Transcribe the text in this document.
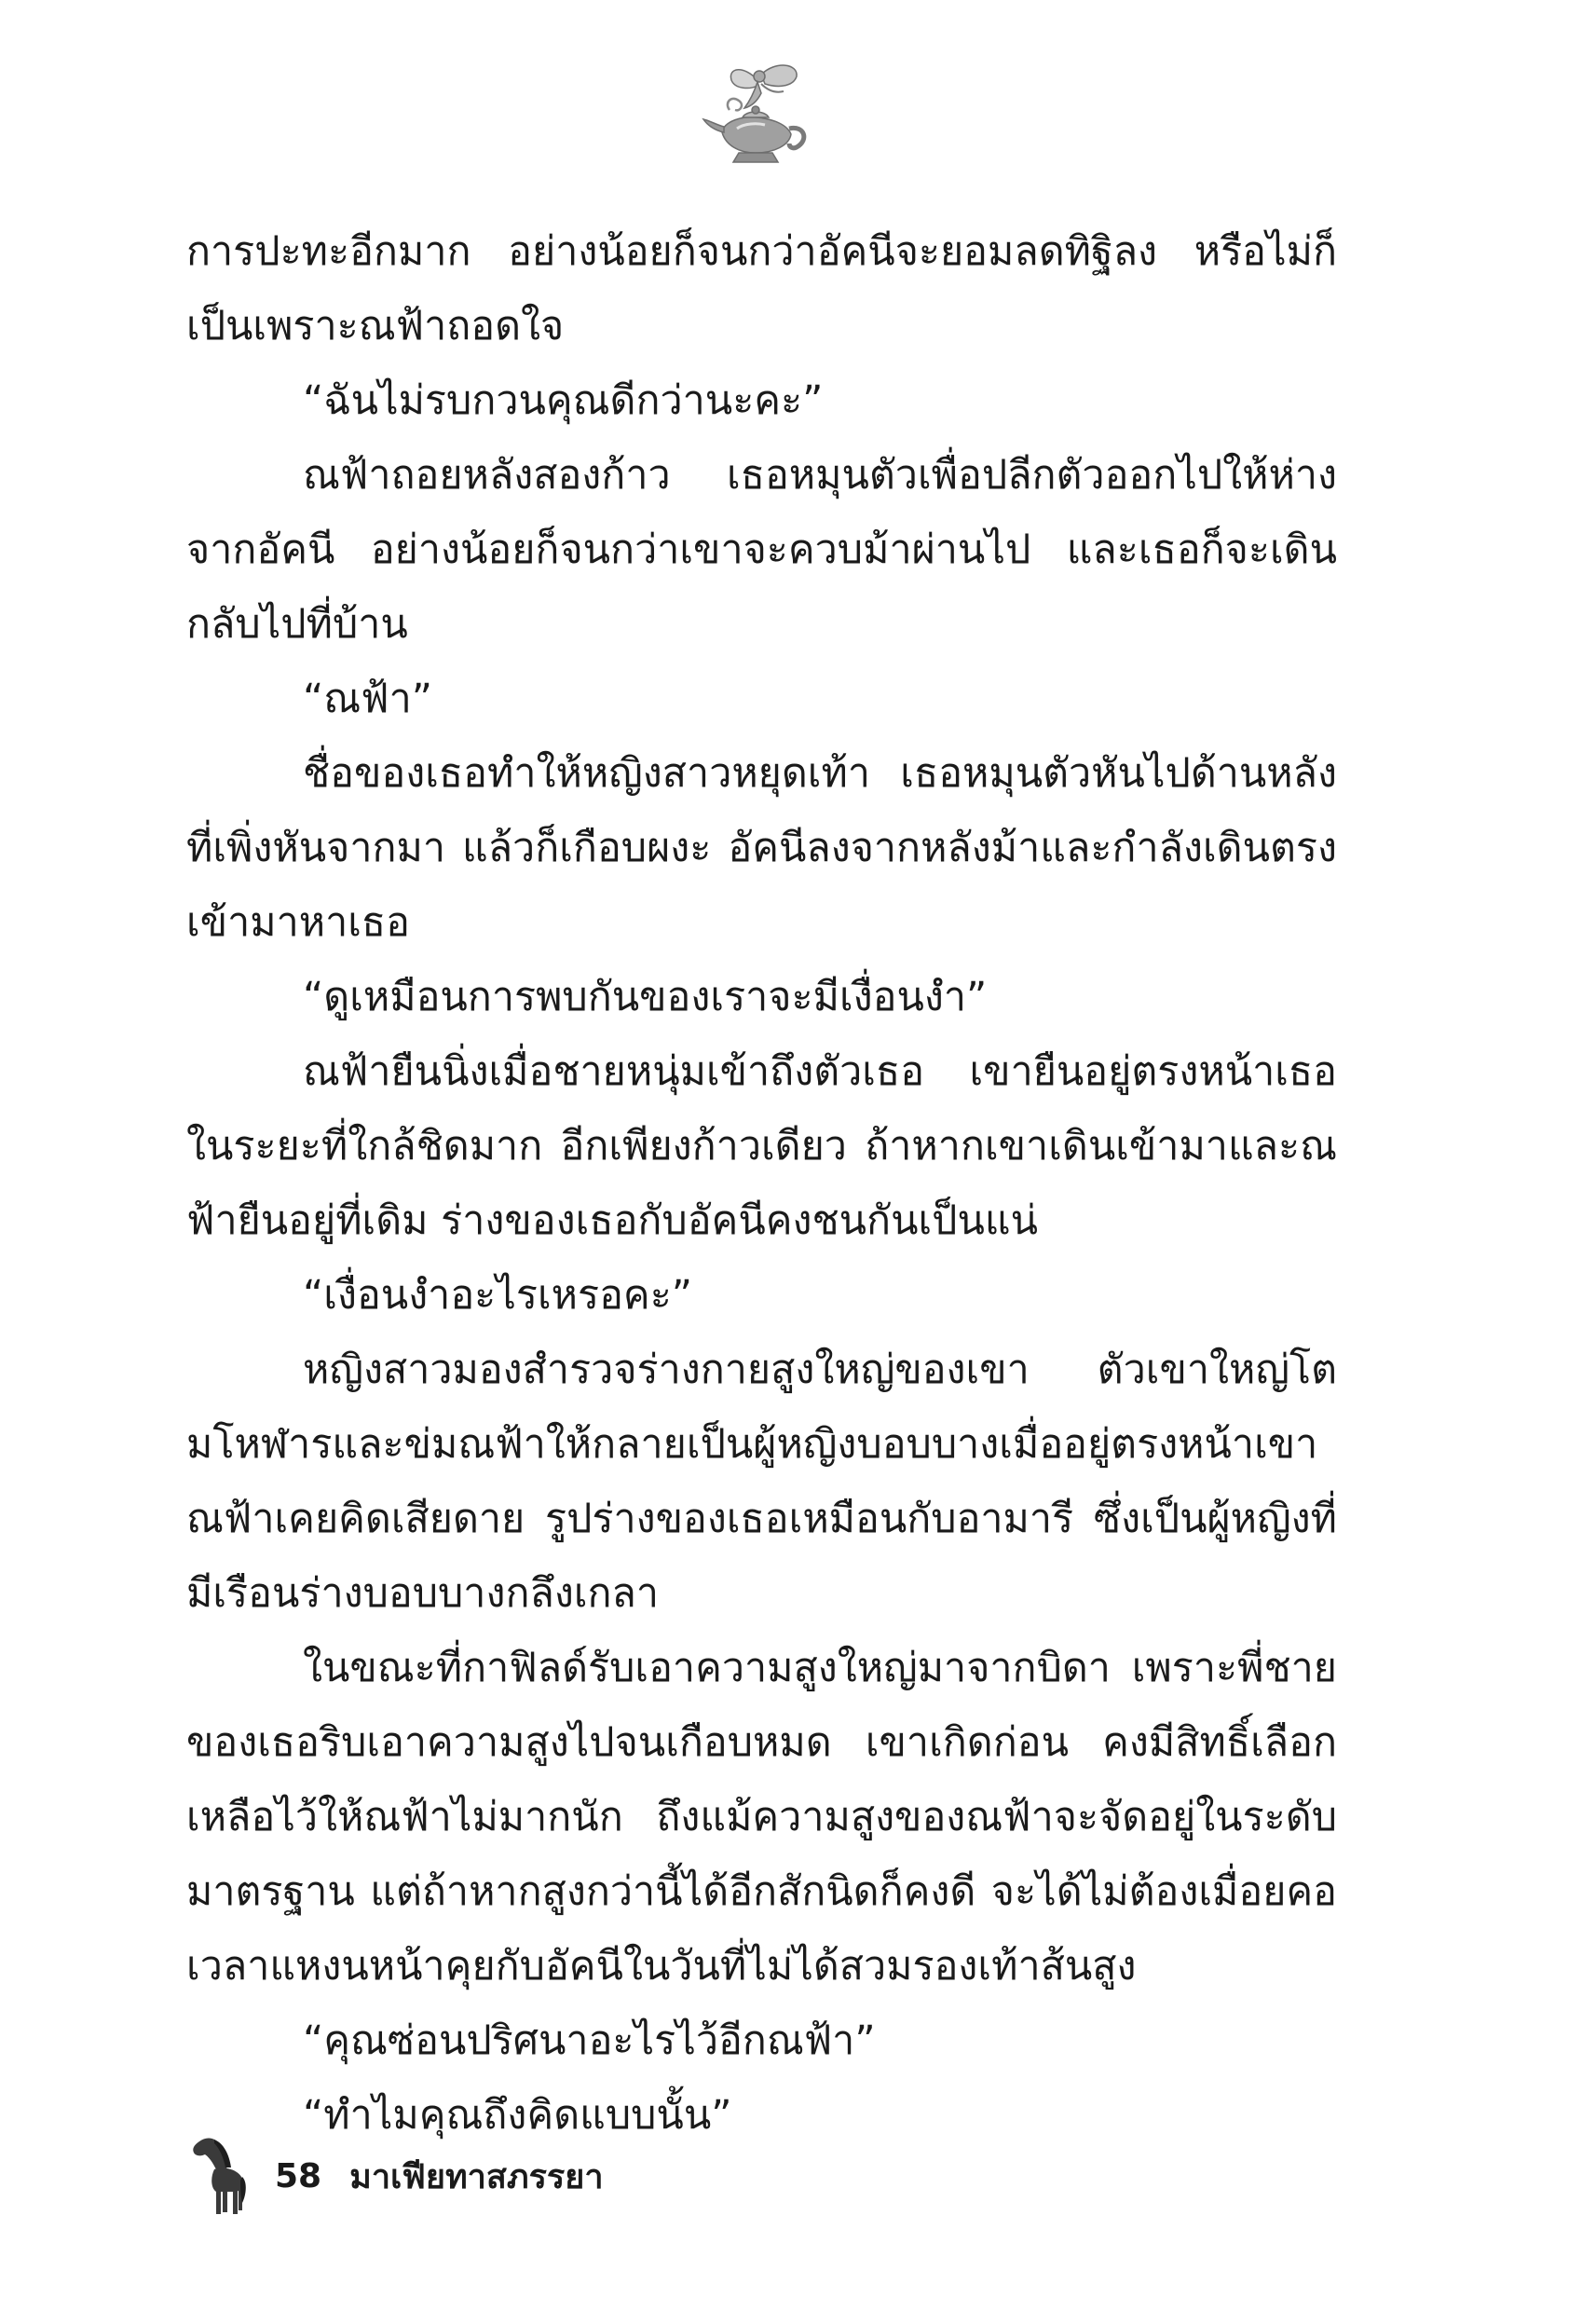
การปะทะอีกมาก อย่างน้อยก็จนกว่าอัคนีจะยอมลดทิฐิลง หรือไม่ก็เป็นเพราะณฟ้าถอดใจ

“ฉันไม่รบกวนคุณดีกว่านะคะ”

ณฟ้าถอยหลังสองก้าว เธอหมุนตัวเพื่อปลีกตัวออกไปให้ห่างจากอัคนี อย่างน้อยก็จนกว่าเขาจะควบม้าผ่านไป และเธอก็จะเดินกลับไปที่บ้าน

“ณฟ้า”

ชื่อของเธอทำให้หญิงสาวหยุดเท้า เธอหมุนตัวหันไปด้านหลังที่เพิ่งหันจากมา แล้วก็เกือบผงะ อัคนีลงจากหลังม้าและกำลังเดินตรงเข้ามาหาเธอ

“ดูเหมือนการพบกันของเราจะมีเงื่อนงำ”

ณฟ้ายืนนิ่งเมื่อชายหนุ่มเข้าถึงตัวเธอ เขายืนอยู่ตรงหน้าเธอในระยะที่ใกล้ชิดมาก อีกเพียงก้าวเดียว ถ้าหากเขาเดินเข้ามาและณฟ้ายืนอยู่ที่เดิม ร่างของเธอกับอัคนีคงชนกันเป็นแน่

“เงื่อนงำอะไรเหรอคะ”

หญิงสาวมองสำรวจร่างกายสูงใหญ่ของเขา ตัวเขาใหญ่โตมโหฬารและข่มณฟ้าให้กลายเป็นผู้หญิงบอบบางเมื่ออยู่ตรงหน้าเขา ณฟ้าเคยคิดเสียดาย รูปร่างของเธอเหมือนกับอามารี ซึ่งเป็นผู้หญิงที่มีเรือนร่างบอบบางกลึงเกลา

ในขณะที่กาฟิลด์รับเอาความสูงใหญ่มาจากบิดา เพราะพี่ชายของเธอริบเอาความสูงไปจนเกือบหมด เขาเกิดก่อน คงมีสิทธิ์เลือกเหลือไว้ให้ณฟ้าไม่มากนัก ถึงแม้ความสูงของณฟ้าจะจัดอยู่ในระดับมาตรฐาน แต่ถ้าหากสูงกว่านี้ได้อีกสักนิดก็คงดี จะได้ไม่ต้องเมื่อยคอเวลาแหงนหน้าคุยกับอัคนีในวันที่ไม่ได้สวมรองเท้าส้นสูง

“คุณซ่อนปริศนาอะไรไว้อีกณฟ้า”

“ทำไมคุณถึงคิดแบบนั้น”

58 มาเฟียทาสภรรยา
